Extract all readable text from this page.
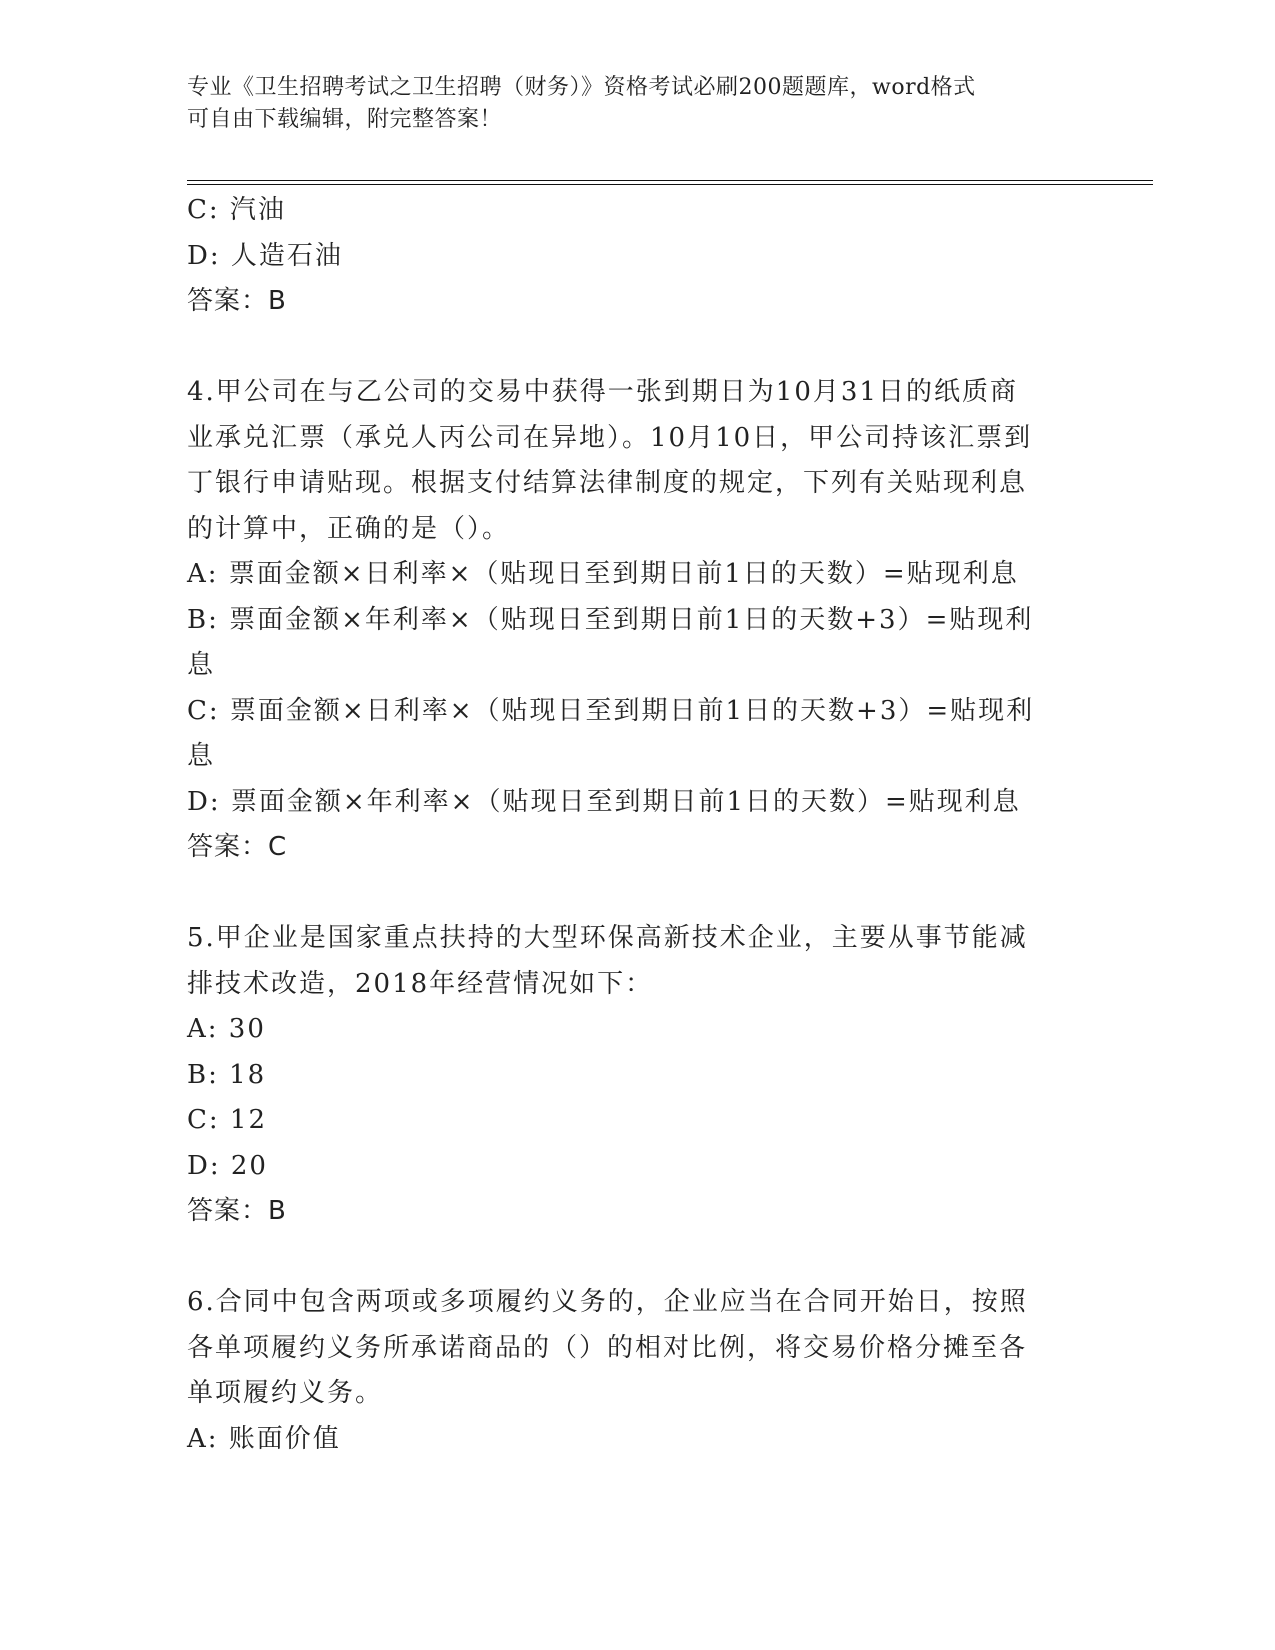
专业《卫生招聘考试之卫生招聘（财务）》资格考试必刷200题题库，word格式
可自由下载编辑，附完整答案！
C: 汽油
D: 人造石油
答案：B
4.甲公司在与乙公司的交易中获得一张到期日为10月31日的纸质商
业承兑汇票（承兑人丙公司在异地）。10月10日，甲公司持该汇票到
丁银行申请贴现。根据支付结算法律制度的规定，下列有关贴现利息
的计算中，正确的是（）。
A: 票面金额×日利率×（贴现日至到期日前1日的天数）=贴现利息
B: 票面金额×年利率×（贴现日至到期日前1日的天数+3）=贴现利
息
C: 票面金额×日利率×（贴现日至到期日前1日的天数+3）=贴现利
息
D: 票面金额×年利率×（贴现日至到期日前1日的天数）=贴现利息
答案：C
5.甲企业是国家重点扶持的大型环保高新技术企业，主要从事节能减
排技术改造，2018年经营情况如下：
A: 30
B: 18
C: 12
D: 20
答案：B
6.合同中包含两项或多项履约义务的，企业应当在合同开始日，按照
各单项履约义务所承诺商品的（）的相对比例，将交易价格分摊至各
单项履约义务。
A: 账面价值
